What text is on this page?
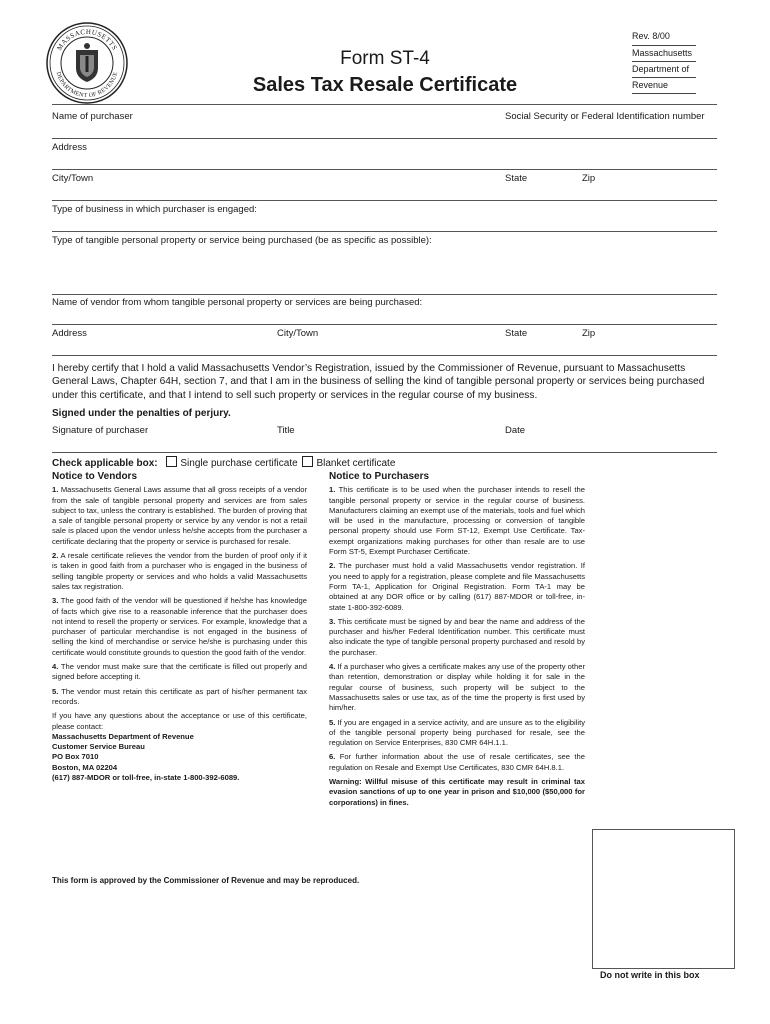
MASSACHUSETTS
DEPARTMENT OF REVENUE
Form ST-4
Sales Tax Resale Certificate
Rev. 8/00
Massachusetts
Department of
Revenue
Name of purchaser	Social Security or Federal Identification number
Address
City/Town	State	Zip
Type of business in which purchaser is engaged:
Type of tangible personal property or service being purchased (be as specific as possible):
Name of vendor from whom tangible personal property or services are being purchased:
Address	City/Town	State	Zip
I hereby certify that I hold a valid Massachusetts Vendor’s Registration, issued by the Commissioner of Revenue, pursuant to Massachusetts General Laws, Chapter 64H, section 7, and that I am in the business of selling the kind of tangible personal property or services being purchased under this certificate, and that I intend to sell such property or services in the regular course of my business.
Signed under the penalties of perjury.
Signature of purchaser	Title	Date
Check applicable box: Single purchase certificate Blanket certificate
Notice to Vendors

1. Massachusetts General Laws assume that all gross receipts of a vendor from the sale of tangible personal property and services are from sales subject to tax, unless the contrary is established. The burden of proving that a sale of tangible personal property or service by any vendor is not a retail sale is placed upon the vendor unless he/she accepts from the purchaser a certificate declaring that the property or service is purchased for resale.

2. A resale certificate relieves the vendor from the burden of proof only if it is taken in good faith from a purchaser who is engaged in the business of selling tangible property or services and who holds a valid Massachusetts sales tax registration.

3. The good faith of the vendor will be questioned if he/she has knowledge of facts which give rise to a reasonable inference that the purchaser does not intend to resell the property or services. For example, knowledge that a purchaser of particular merchandise is not engaged in the business of selling the kind of merchandise or service he/she is purchasing under this certificate would constitute grounds to question the good faith of the vendor.

4. The vendor must make sure that the certificate is filled out properly and signed before accepting it.

5. The vendor must retain this certificate as part of his/her permanent tax records.

If you have any questions about the acceptance or use of this certificate, please contact:

Massachusetts Department of Revenue
Customer Service Bureau
PO Box 7010
Boston, MA 02204
(617) 887-MDOR or toll-free, in-state 1-800-392-6089.
Notice to Purchasers

1. This certificate is to be used when the purchaser intends to resell the tangible personal property or service in the regular course of business. Manufacturers claiming an exempt use of the materials, tools and fuel which will be used in the manufacture, processing or conversion of tangible personal property should use Form ST-12, Exempt Use Certificate. Tax-exempt organizations making purchases for other than resale are to use Form ST-5, Exempt Purchaser Certificate.

2. The purchaser must hold a valid Massachusetts vendor registration. If you need to apply for a registration, please complete and file Massachusetts Form TA-1, Application for Original Registration. Form TA-1 may be obtained at any DOR office or by calling (617) 887-MDOR or toll-free, in-state 1-800-392-6089.

3. This certificate must be signed by and bear the name and address of the purchaser and his/her Federal Identification number. This certificate must also indicate the type of tangible personal property purchased and resold by the purchaser.

4. If a purchaser who gives a certificate makes any use of the property other than retention, demonstration or display while holding it for sale in the regular course of business, such property will be subject to the Massachusetts sales or use tax, as of the time the property is first used by him/her.

5. If you are engaged in a service activity, and are unsure as to the eligibility of the tangible personal property being purchased for resale, see the regulation on Service Enterprises, 830 CMR 64H.1.1.

6. For further information about the use of resale certificates, see the regulation on Resale and Exempt Use Certificates, 830 CMR 64H.8.1.

Warning: Willful misuse of this certificate may result in criminal tax evasion sanctions of up to one year in prison and $10,000 ($50,000 for corporations) in fines.

This form is approved by the Commissioner of Revenue and may be reproduced.
Do not write in this box
